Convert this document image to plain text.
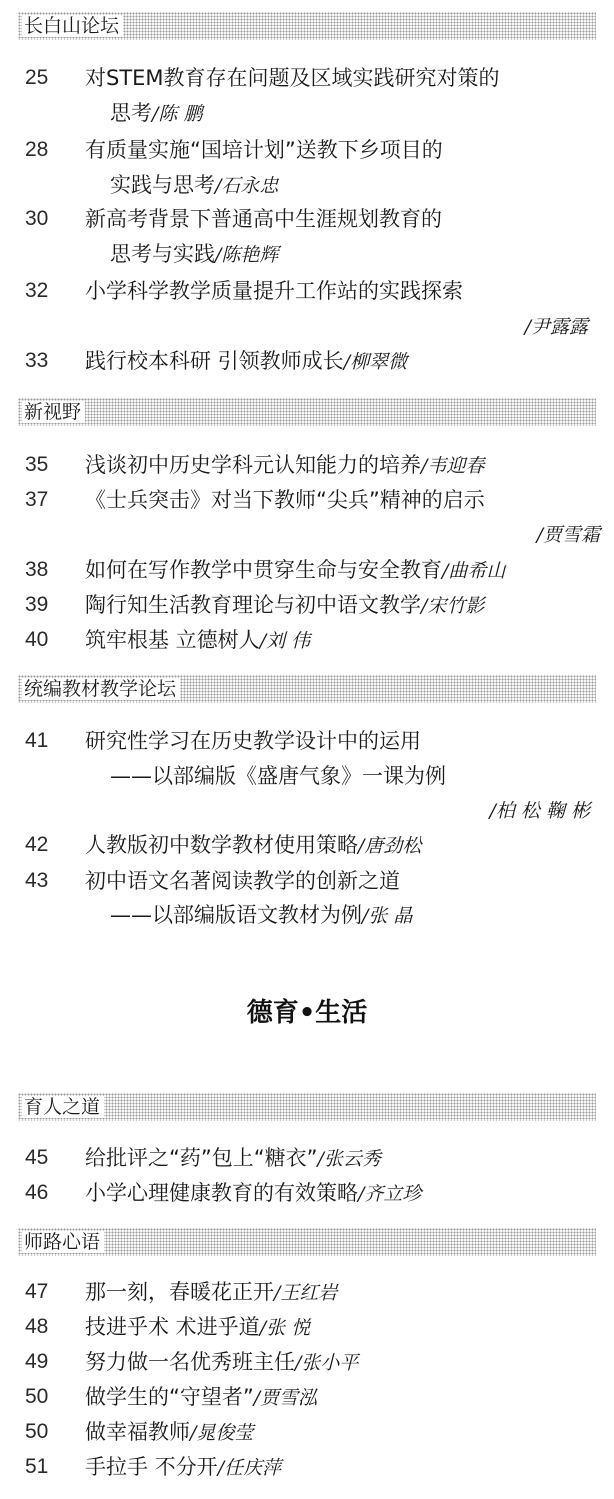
长白山论坛
25 对STEM教育存在问题及区域实践研究对策的
思考/陈 鹏
28 有质量实施“国培计划”送教下乡项目的
实践与思考/石永忠
30 新高考背景下普通高中生涯规划教育的
思考与实践/陈艳辉
32 小学科学教学质量提升工作站的实践探索
/尹露露
33 践行校本科研 引领教师成长/柳翠微
新视野
35 浅谈初中历史学科元认知能力的培养/韦迎春
37 《士兵突击》对当下教师“尖兵”精神的启示
/贾雪霜
38 如何在写作教学中贯穿生命与安全教育/曲希山
39 陶行知生活教育理论与初中语文教学/宋竹影
40 筑牢根基 立德树人/刘 伟
统编教材教学论坛
41 研究性学习在历史教学设计中的运用
——以部编版《盛唐气象》一课为例
/柏 松 鞠 彬
42 人教版初中数学教材使用策略/唐劲松
43 初中语文名著阅读教学的创新之道
——以部编版语文教材为例/张 晶
德育•生活
育人之道
45 给批评之“药”包上“糖衣”/张云秀
46 小学心理健康教育的有效策略/齐立珍
师路心语
47 那一刻，春暖花正开/王红岩
48 技进乎术 术进乎道/张 悦
49 努力做一名优秀班主任/张小平
50 做学生的“守望者”/贾雪泓
50 做幸福教师/晁俊莹
51 手拉手 不分开/任庆萍
